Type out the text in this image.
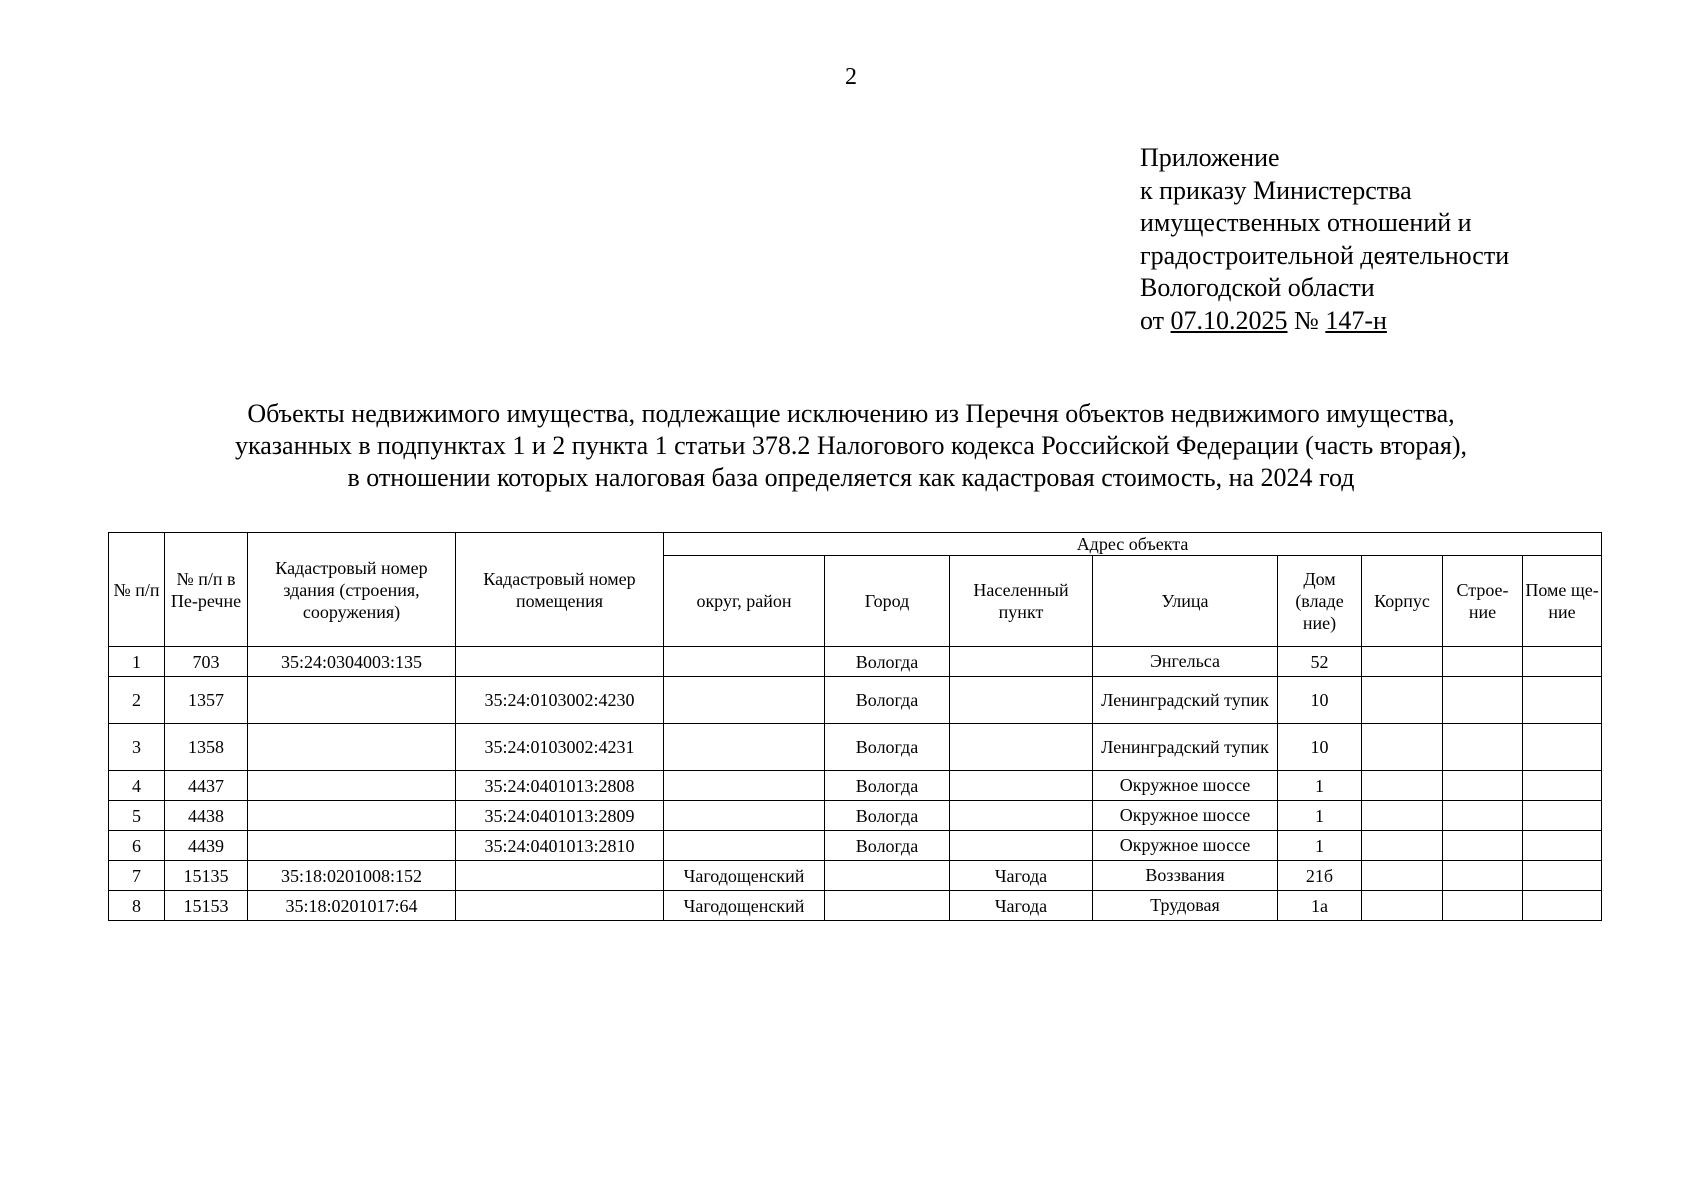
2
Приложение
к приказу Министерства
имущественных отношений и
градостроительной деятельности
Вологодской области
от 07.10.2025 № 147-н
Объекты недвижимого имущества, подлежащие исключению из Перечня объектов недвижимого имущества,
указанных в подпунктах 1 и 2 пункта 1 статьи 378.2 Налогового кодекса Российской Федерации (часть вторая),
в отношении которых налоговая база определяется как кадастровая стоимость, на 2024 год
№ п/п	№ п/п в Пе-речне	Кадастровый номер здания (строения, сооружения)	Кадастровый номер помещения	Адрес объекта							
				округ, район	Город	Населенный пункт	Улица	Дом (владе ние)	Корпус	Строе-ние	Поме ще-ние
1	703	35:24:0304003:135			Вологда		Энгельса	52			
2	1357		35:24:0103002:4230		Вологда		Ленинградский тупик	10			
3	1358		35:24:0103002:4231		Вологда		Ленинградский тупик	10			
4	4437		35:24:0401013:2808		Вологда		Окружное шоссе	1			
5	4438		35:24:0401013:2809		Вологда		Окружное шоссе	1			
6	4439		35:24:0401013:2810		Вологда		Окружное шоссе	1			
7	15135	35:18:0201008:152		Чагодощенский		Чагода	Воззвания	21б			
8	15153	35:18:0201017:64		Чагодощенский		Чагода	Трудовая	1а			
